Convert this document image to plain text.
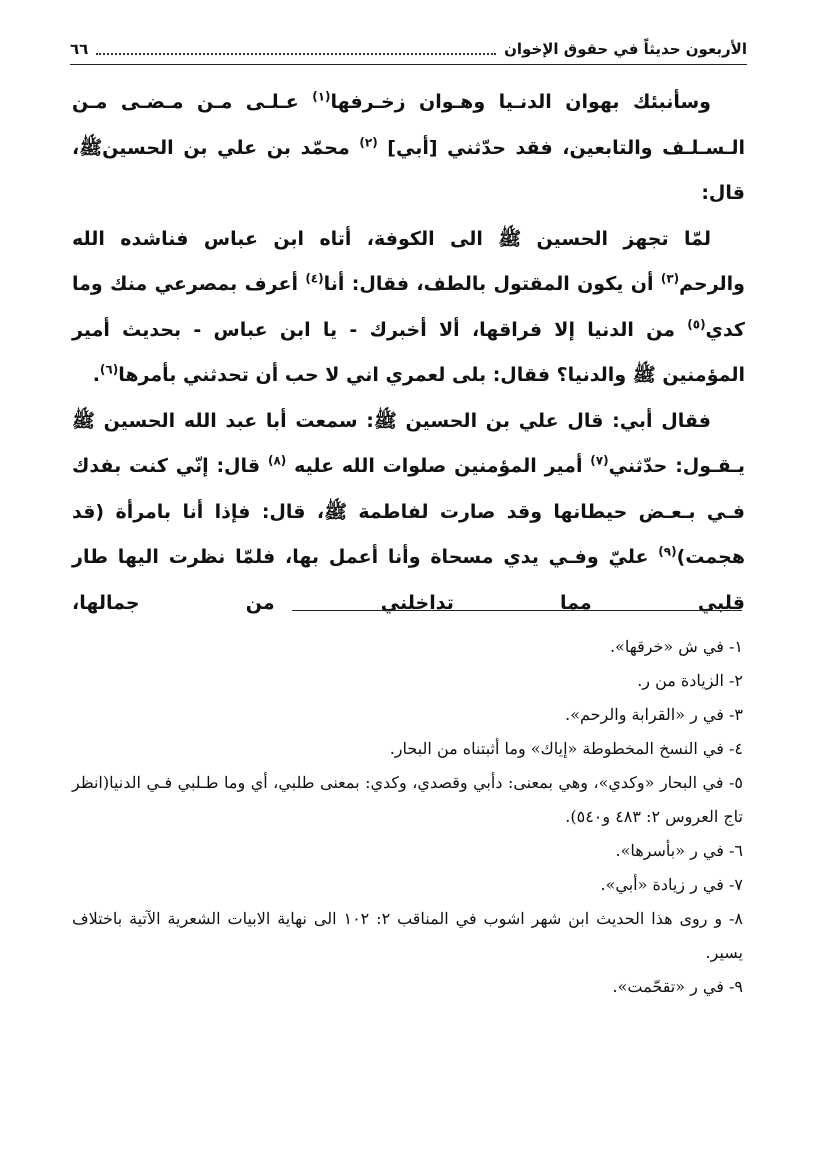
الأربعون حديثاً في حقوق الإخوان
٦٦

وسأنبئك بهوان الدنـيا وهـوان زخـرفها$^{(١)}$ عـلـى مـن مـضـى مـن الـسـلـف والتابعين، فقد حدّثني [أبي] $^{(٢)}$ محمّد بن علي بن الحسينﷺ، قال:

لمّا تجهز الحسين ﷺ الى الكوفة، أتاه ابن عباس فناشده الله والرحم$^{(٣)}$ أن يكون المقتول بالطف، فقال: أنا$^{(٤)}$ أعرف بمصرعي منك وما كدي$^{(٥)}$ من الدنيا إلا فراقها، ألا أخبرك - يا ابن عباس - بحديث أمير المؤمنين ﷺ والدنيا؟ فقال: بلى لعمري اني لا حب أن تحدثني بأمرها$^{(٦)}$.

فقال أبي: قال علي بن الحسين ﷺ: سمعت أبا عبد الله الحسين ﷺ يـقـول: حدّثني$^{(٧)}$ أمير المؤمنين صلوات الله عليه $^{(٨)}$ قال: إنّي كنت بفدك فـي بـعـض حيطانها وقد صارت لفاطمة ﷺ، قال: فإذا أنا بامرأة (قد هجمت)$^{(٩)}$ عليّ وفـي يدي مسحاة وأنا أعمل بها، فلمّا نظرت اليها طار قلبي مما تداخلني من جمالها،

١- في ش «خرقها».

٢- الزيادة من ر.

٣- في ر «القرابة والرحم».

٤- في النسخ المخطوطة «إياك» وما أثبتناه من البحار.

٥- في البحار «وكدي»، وهي بمعنى: دأبي وقصدي، وكدي: بمعنى طلبي، أي وما طـلبي فـي الدنيا(انظر تاج العروس ٢: ٤٨٣ و٥٤٠).

٦- في ر «بأسرها».

٧- في ر زيادة «أبي».

٨- و روى هذا الحديث ابن شهر اشوب في المناقب ٢: ١٠٢ الى نهاية الابيات الشعرية الآتية باختلاف يسير.

٩- في ر «تقحّمت».
